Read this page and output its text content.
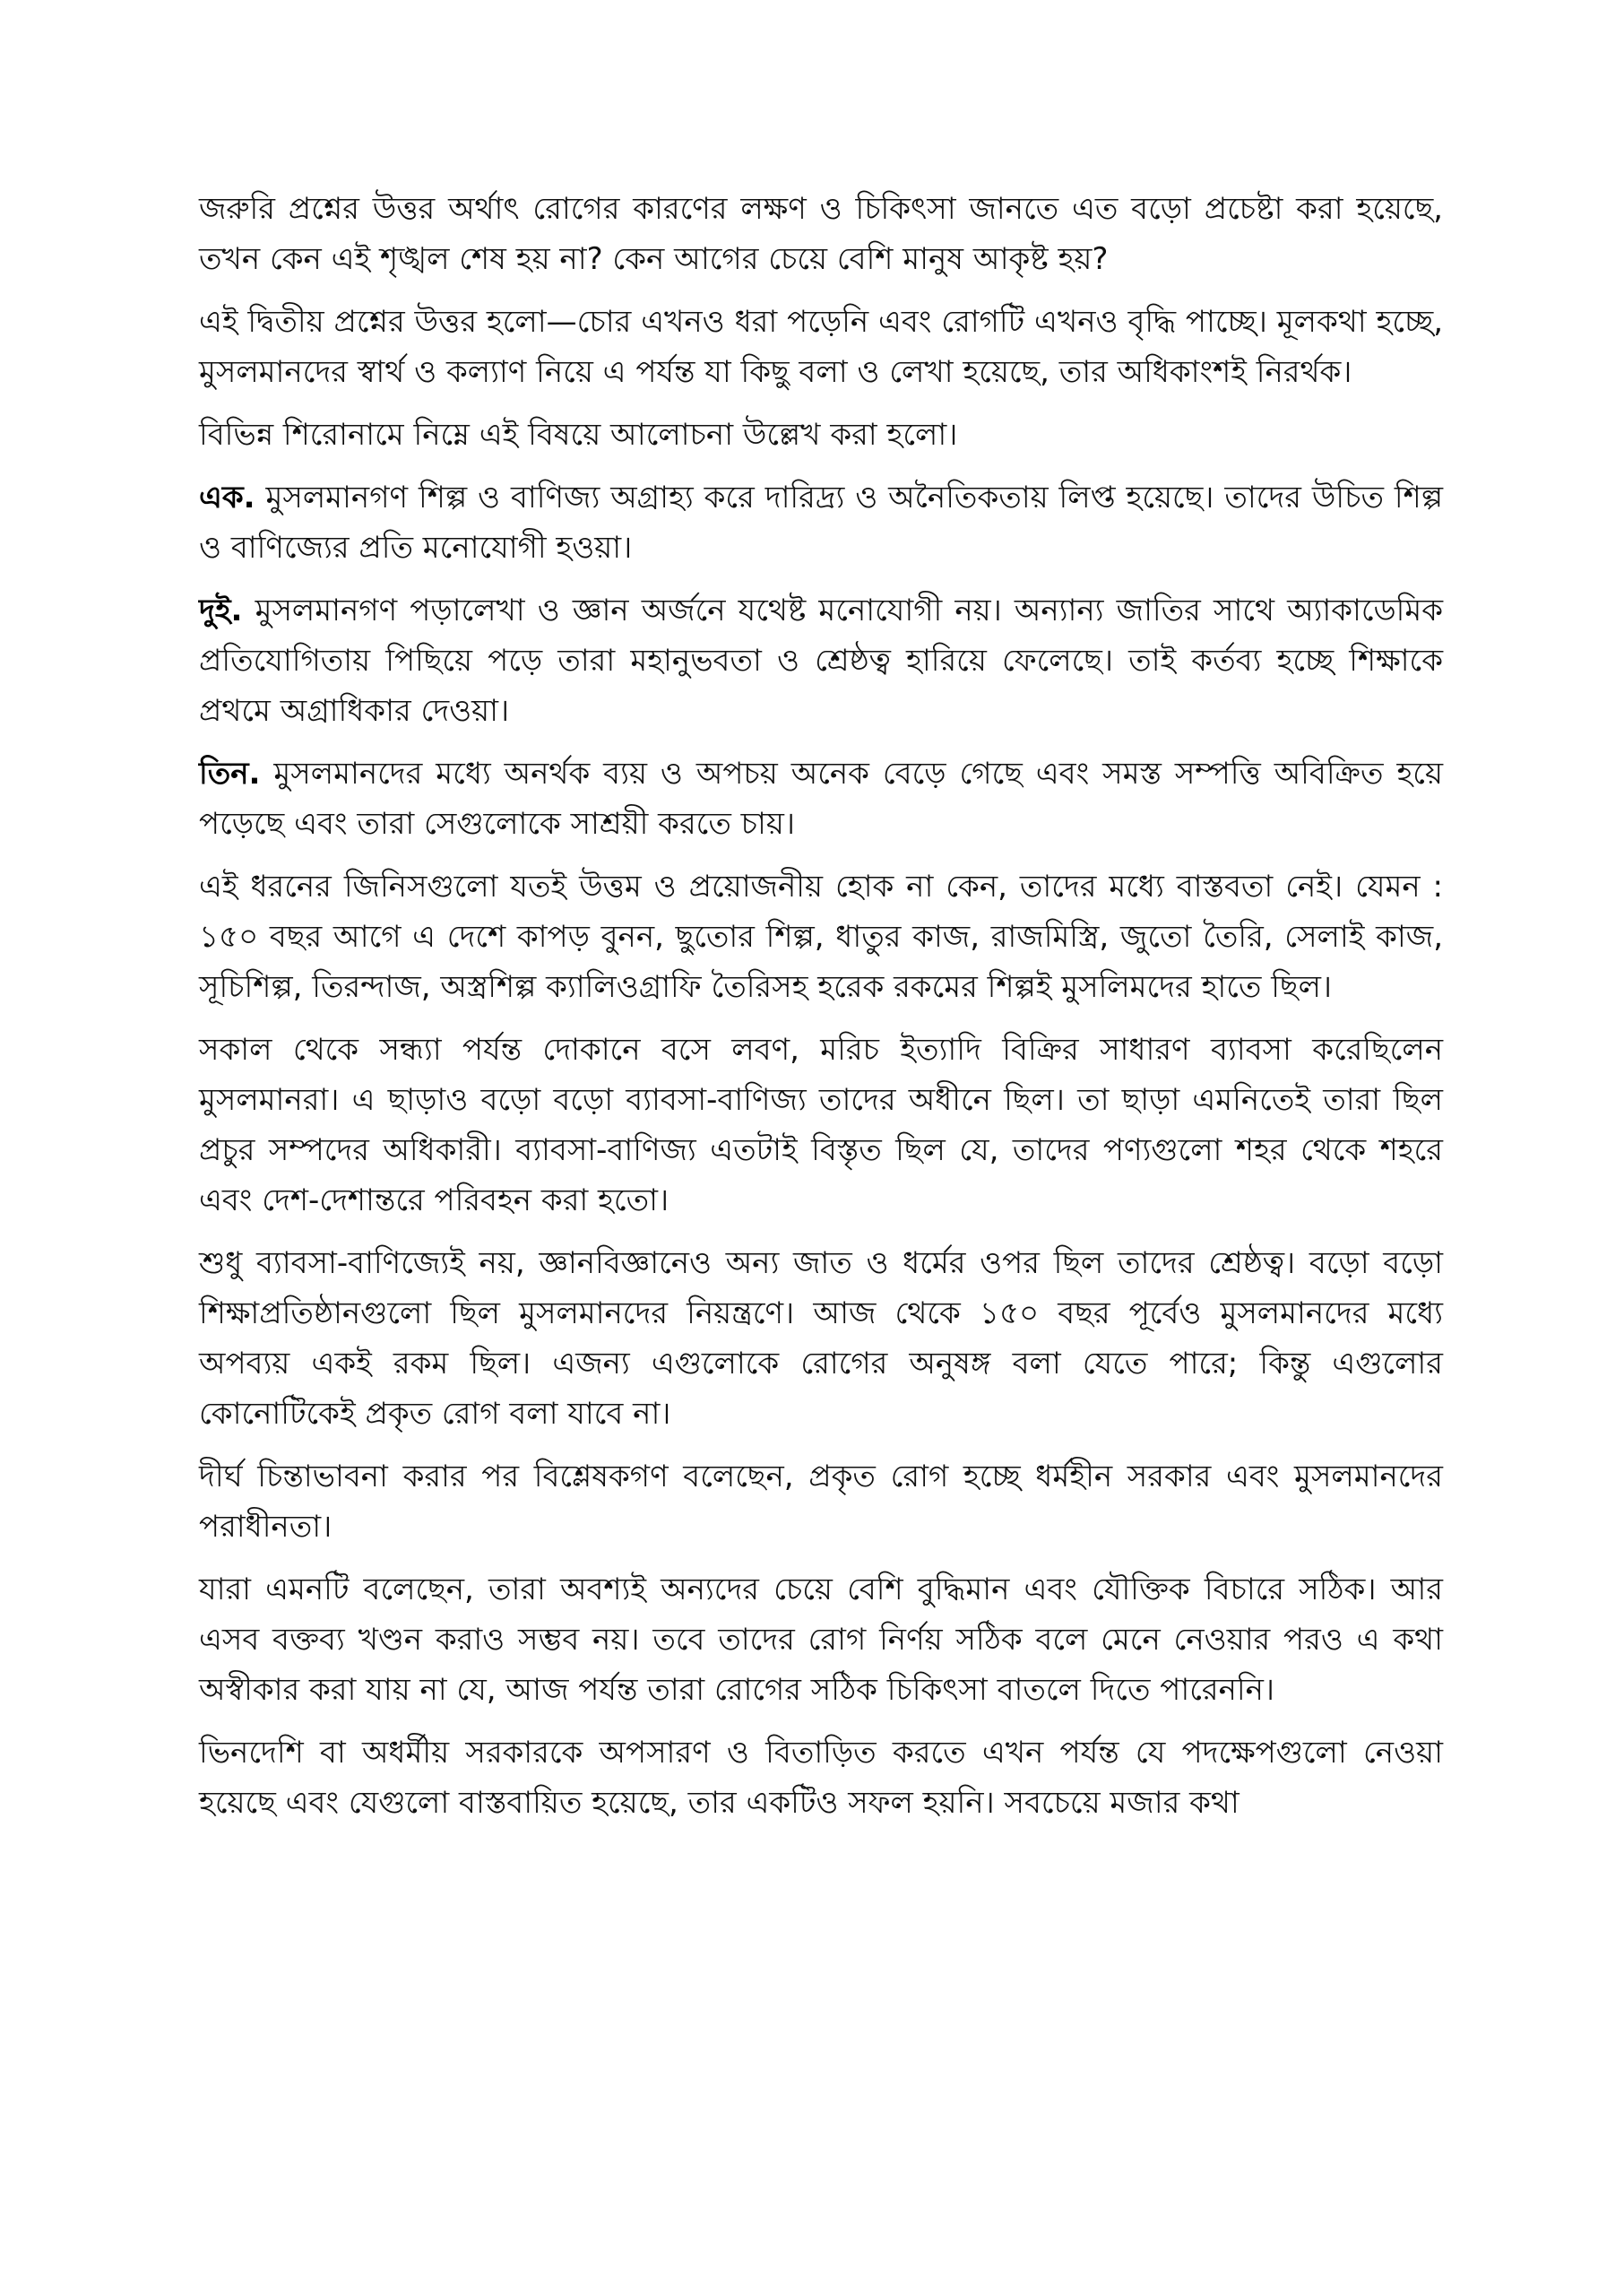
জরুরি প্রশ্নের উত্তর অর্থাৎ রোগের কারণের লক্ষণ ও চিকিৎসা জানতে এত বড়ো প্রচেষ্টা করা হয়েছে, তখন কেন এই শৃঙ্খল শেষ হয় না? কেন আগের চেয়ে বেশি মানুষ আকৃষ্ট হয়?

এই দ্বিতীয় প্রশ্নের উত্তর হলো—চোর এখনও ধরা পড়েনি এবং রোগটি এখনও বৃদ্ধি পাচ্ছে। মূলকথা হচ্ছে, মুসলমানদের স্বার্থ ও কল্যাণ নিয়ে এ পর্যন্ত যা কিছু বলা ও লেখা হয়েছে, তার অধিকাংশই নিরর্থক।

বিভিন্ন শিরোনামে নিম্নে এই বিষয়ে আলোচনা উল্লেখ করা হলো।

এক. মুসলমানগণ শিল্প ও বাণিজ্য অগ্রাহ্য করে দারিদ্র্য ও অনৈতিকতায় লিপ্ত হয়েছে। তাদের উচিত শিল্প ও বাণিজ্যের প্রতি মনোযোগী হওয়া।

দুই. মুসলমানগণ পড়ালেখা ও জ্ঞান অর্জনে যথেষ্ট মনোযোগী নয়। অন্যান্য জাতির সাথে অ্যাকাডেমিক প্রতিযোগিতায় পিছিয়ে পড়ে তারা মহানুভবতা ও শ্রেষ্ঠত্ব হারিয়ে ফেলেছে। তাই কর্তব্য হচ্ছে শিক্ষাকে প্রথমে অগ্রাধিকার দেওয়া।

তিন. মুসলমানদের মধ্যে অনর্থক ব্যয় ও অপচয় অনেক বেড়ে গেছে এবং সমস্ত সম্পত্তি অবিক্রিত হয়ে পড়েছে এবং তারা সেগুলোকে সাশ্রয়ী করতে চায়।

এই ধরনের জিনিসগুলো যতই উত্তম ও প্রয়োজনীয় হোক না কেন, তাদের মধ্যে বাস্তবতা নেই। যেমন : ১৫০ বছর আগে এ দেশে কাপড় বুনন, ছুতোর শিল্প, ধাতুর কাজ, রাজমিস্ত্রি, জুতো তৈরি, সেলাই কাজ, সূচিশিল্প, তিরন্দাজ, অস্ত্রশিল্প ক্যালিওগ্রাফি তৈরিসহ হরেক রকমের শিল্পই মুসলিমদের হাতে ছিল।

সকাল থেকে সন্ধ্যা পর্যন্ত দোকানে বসে লবণ, মরিচ ইত্যাদি বিক্রির সাধারণ ব্যাবসা করেছিলেন মুসলমানরা। এ ছাড়াও বড়ো বড়ো ব্যাবসা-বাণিজ্য তাদের অধীনে ছিল। তা ছাড়া এমনিতেই তারা ছিল প্রচুর সম্পদের অধিকারী। ব্যাবসা-বাণিজ্য এতটাই বিস্তৃত ছিল যে, তাদের পণ্যগুলো শহর থেকে শহরে এবং দেশ-দেশান্তরে পরিবহন করা হতো।

শুধু ব্যাবসা-বাণিজ্যেই নয়, জ্ঞানবিজ্ঞানেও অন্য জাত ও ধর্মের ওপর ছিল তাদের শ্রেষ্ঠত্ব। বড়ো বড়ো শিক্ষাপ্রতিষ্ঠানগুলো ছিল মুসলমানদের নিয়ন্ত্রণে। আজ থেকে ১৫০ বছর পূর্বেও মুসলমানদের মধ্যে অপব্যয় একই রকম ছিল। এজন্য এগুলোকে রোগের অনুষঙ্গ বলা যেতে পারে; কিন্তু এগুলোর কোনোটিকেই প্রকৃত রোগ বলা যাবে না।

দীর্ঘ চিন্তাভাবনা করার পর বিশ্লেষকগণ বলেছেন, প্রকৃত রোগ হচ্ছে ধর্মহীন সরকার এবং মুসলমানদের পরাধীনতা।

যারা এমনটি বলেছেন, তারা অবশ্যই অন্যদের চেয়ে বেশি বুদ্ধিমান এবং যৌক্তিক বিচারে সঠিক। আর এসব বক্তব্য খণ্ডন করাও সম্ভব নয়। তবে তাদের রোগ নির্ণয় সঠিক বলে মেনে নেওয়ার পরও এ কথা অস্বীকার করা যায় না যে, আজ পর্যন্ত তারা রোগের সঠিক চিকিৎসা বাতলে দিতে পারেননি।

ভিনদেশি বা অধর্মীয় সরকারকে অপসারণ ও বিতাড়িত করতে এখন পর্যন্ত যে পদক্ষেপগুলো নেওয়া হয়েছে এবং যেগুলো বাস্তবায়িত হয়েছে, তার একটিও সফল হয়নি। সবচেয়ে মজার কথা
